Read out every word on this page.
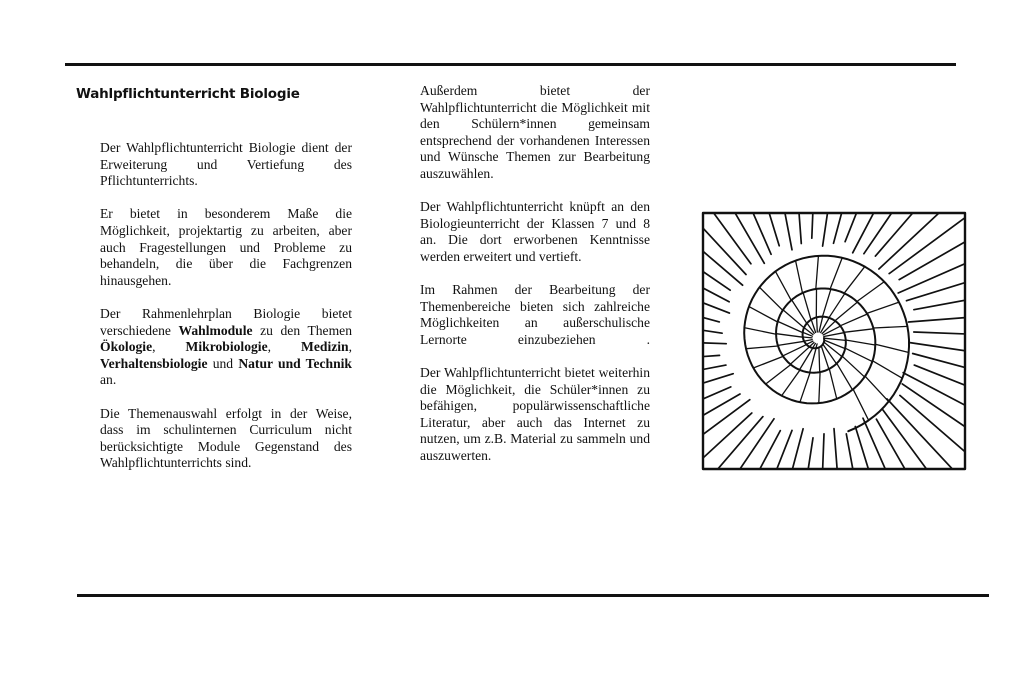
Wahlpflichtunterricht Biologie

Der Wahlpflichtunterricht Biologie dient der Erweiterung und Vertiefung des Pflichtunterrichts.

Er bietet in besonderem Maße die Möglichkeit, projektartig zu arbeiten, aber auch Fragestellungen und Probleme zu behandeln, die über die Fachgrenzen hinausgehen.

Der Rahmenlehrplan Biologie bietet verschiedene Wahlmodule zu den Themen Ökologie, Mikrobiologie, Medizin, Verhaltensbiologie und Natur und Technik an.

Die Themenauswahl erfolgt in der Weise, dass im schulinternen Curriculum nicht berücksichtigte Module Gegenstand des Wahlpflichtunterrichts sind.

Außerdem bietet der Wahlpflichtunterricht die Möglichkeit mit den Schülern*innen gemeinsam entsprechend der vorhandenen Interessen und Wünsche Themen zur Bearbeitung auszuwählen.

Der Wahlpflichtunterricht knüpft an den Biologieunterricht der Klassen 7 und 8 an. Die dort erworbenen Kenntnisse werden erweitert und vertieft.

Im Rahmen der Bearbeitung der Themenbereiche bieten sich zahlreiche Möglichkeiten an außerschulische Lernorte einzubeziehen .

Der Wahlpflichtunterricht bietet weiterhin die Möglichkeit, die Schüler*innen zu befähigen, populärwissenschaftliche Literatur, aber auch das Internet zu nutzen, um z.B. Material zu sammeln und auszuwerten.
